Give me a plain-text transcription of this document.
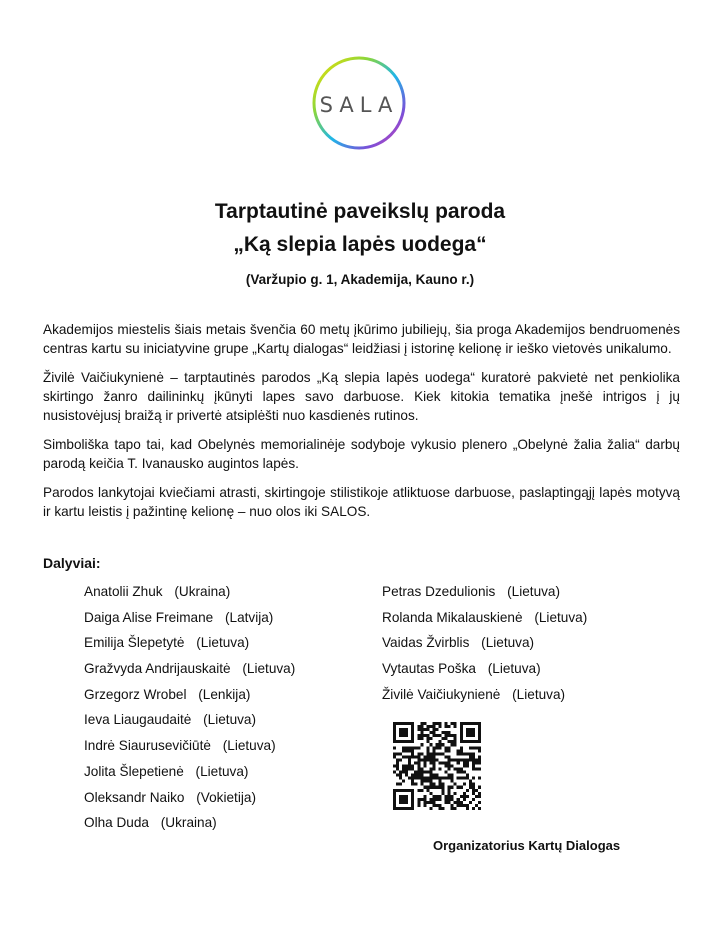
SALA
Tarptautinė paveikslų paroda
„Ką slepia lapės uodega“
(Varžupio g. 1, Akademija, Kauno r.)

Akademijos miestelis šiais metais švenčia 60 metų įkūrimo jubiliejų, šia proga Akademijos bendruomenės centras kartu su iniciatyvine grupe „Kartų dialogas“ leidžiasi į istorinę kelionę ir ieško vietovės unikalumo.

Živilė Vaičiukynienė – tarptautinės parodos „Ką slepia lapės uodega“ kuratorė pakvietė net penkiolika skirtingo žanro dailininkų įkūnyti lapes savo darbuose. Kiek kitokia tematika įnešė intrigos į jų nusistovėjusį braižą ir privertė atsiplėšti nuo kasdienės rutinos.

Simboliška tapo tai, kad Obelynės memorialinėje sodyboje vykusio plenero „Obelynė žalia žalia“ darbų parodą keičia T. Ivanausko augintos lapės.

Parodos lankytojai kviečiami atrasti, skirtingoje stilistikoje atliktuose darbuose, paslaptingąjį lapės motyvą ir kartu leistis į pažintinę kelionę – nuo olos iki SALOS.

Dalyviai:
Anatolii Zhuk (Ukraina)
Daiga Alise Freimane (Latvija)
Emilija Šlepetytė (Lietuva)
Gražvyda Andrijauskaitė (Lietuva)
Grzegorz Wrobel (Lenkija)
Ieva Liaugaudaitė (Lietuva)
Indrė Siaurusevičiūtė (Lietuva)
Jolita Šlepetienė (Lietuva)
Oleksandr Naiko (Vokietija)
Olha Duda (Ukraina)
Petras Dzedulionis (Lietuva)
Rolanda Mikalauskienė (Lietuva)
Vaidas Žvirblis (Lietuva)
Vytautas Poška (Lietuva)
Živilė Vaičiukynienė (Lietuva)
Organizatorius Kartų Dialogas
